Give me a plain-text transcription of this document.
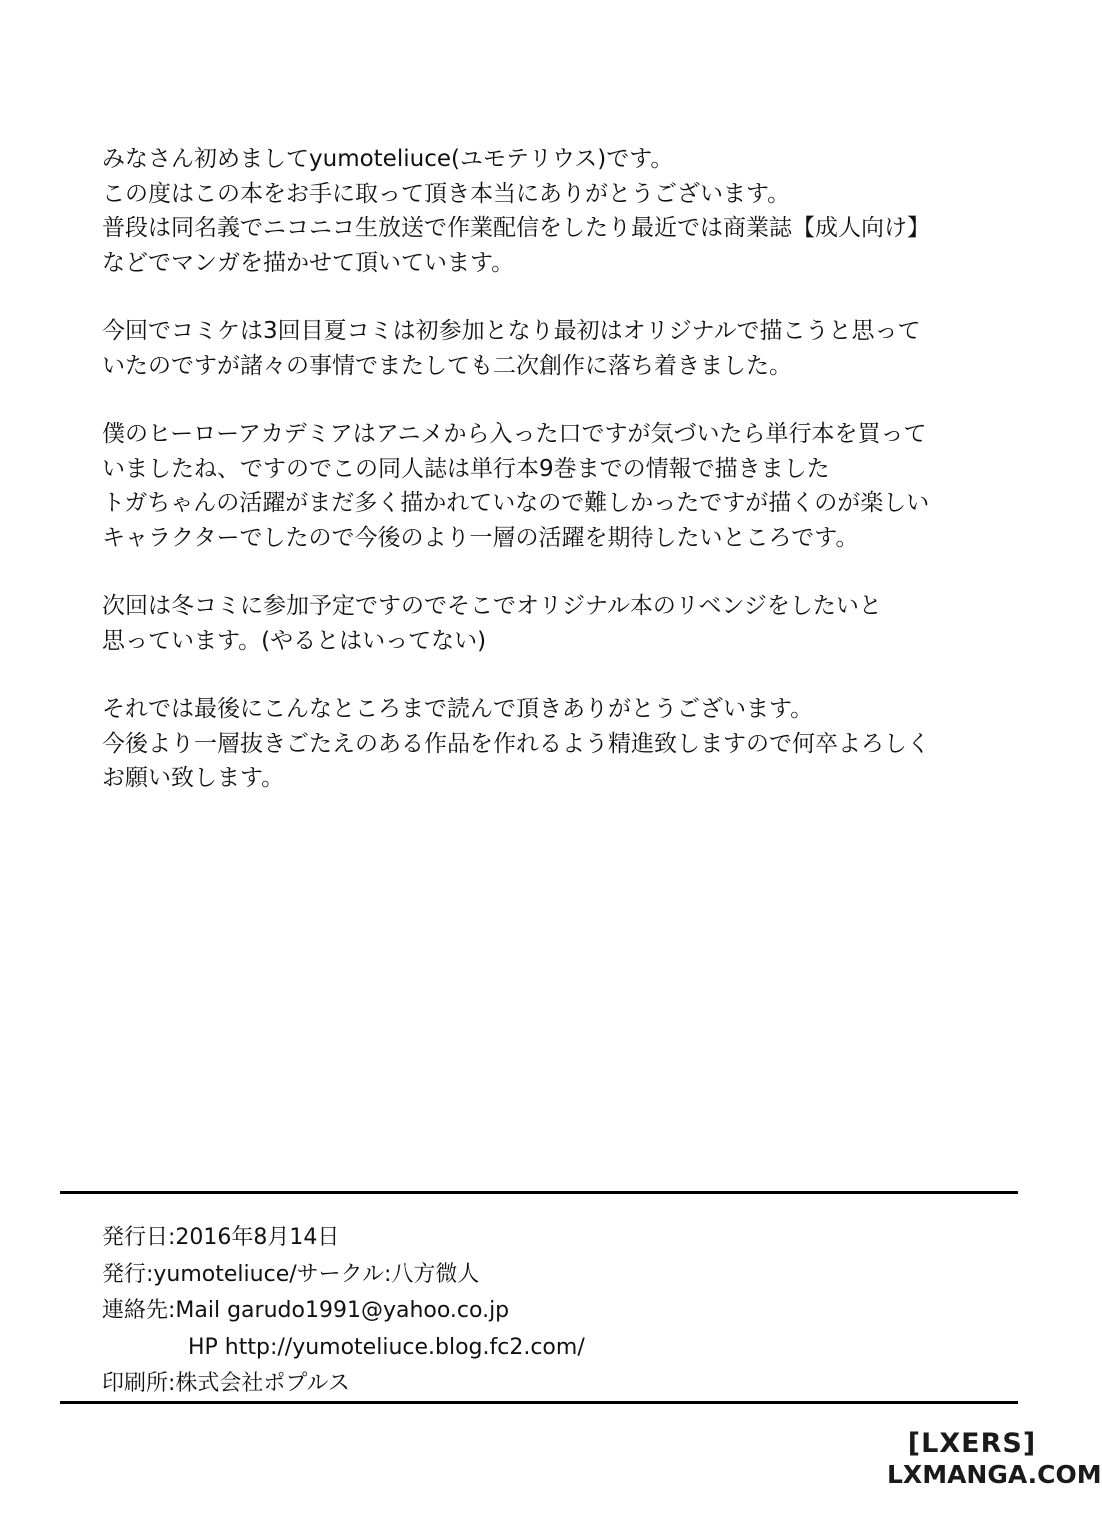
みなさん初めましてyumoteliuce(ユモテリウス)です。
この度はこの本をお手に取って頂き本当にありがとうございます。
普段は同名義でニコニコ生放送で作業配信をしたり最近では商業誌【成人向け】
などでマンガを描かせて頂いています。
今回でコミケは3回目夏コミは初参加となり最初はオリジナルで描こうと思って
いたのですが諸々の事情でまたしても二次創作に落ち着きました。
僕のヒーローアカデミアはアニメから入った口ですが気づいたら単行本を買って
いましたね、ですのでこの同人誌は単行本9巻までの情報で描きました
トガちゃんの活躍がまだ多く描かれていなので難しかったですが描くのが楽しい
キャラクターでしたので今後のより一層の活躍を期待したいところです。
次回は冬コミに参加予定ですのでそこでオリジナル本のリベンジをしたいと
思っています。(やるとはいってない)
それでは最後にこんなところまで読んで頂きありがとうございます。
今後より一層抜きごたえのある作品を作れるよう精進致しますので何卒よろしく
お願い致します。
発行日:2016年8月14日
発行:yumoteliuce/サークル:八方微人
連絡先:Mail garudo1991@yahoo.co.jp
HP http://yumoteliuce.blog.fc2.com/
印刷所:株式会社ポプルス
[LXERS]
LXMANGA.COM
